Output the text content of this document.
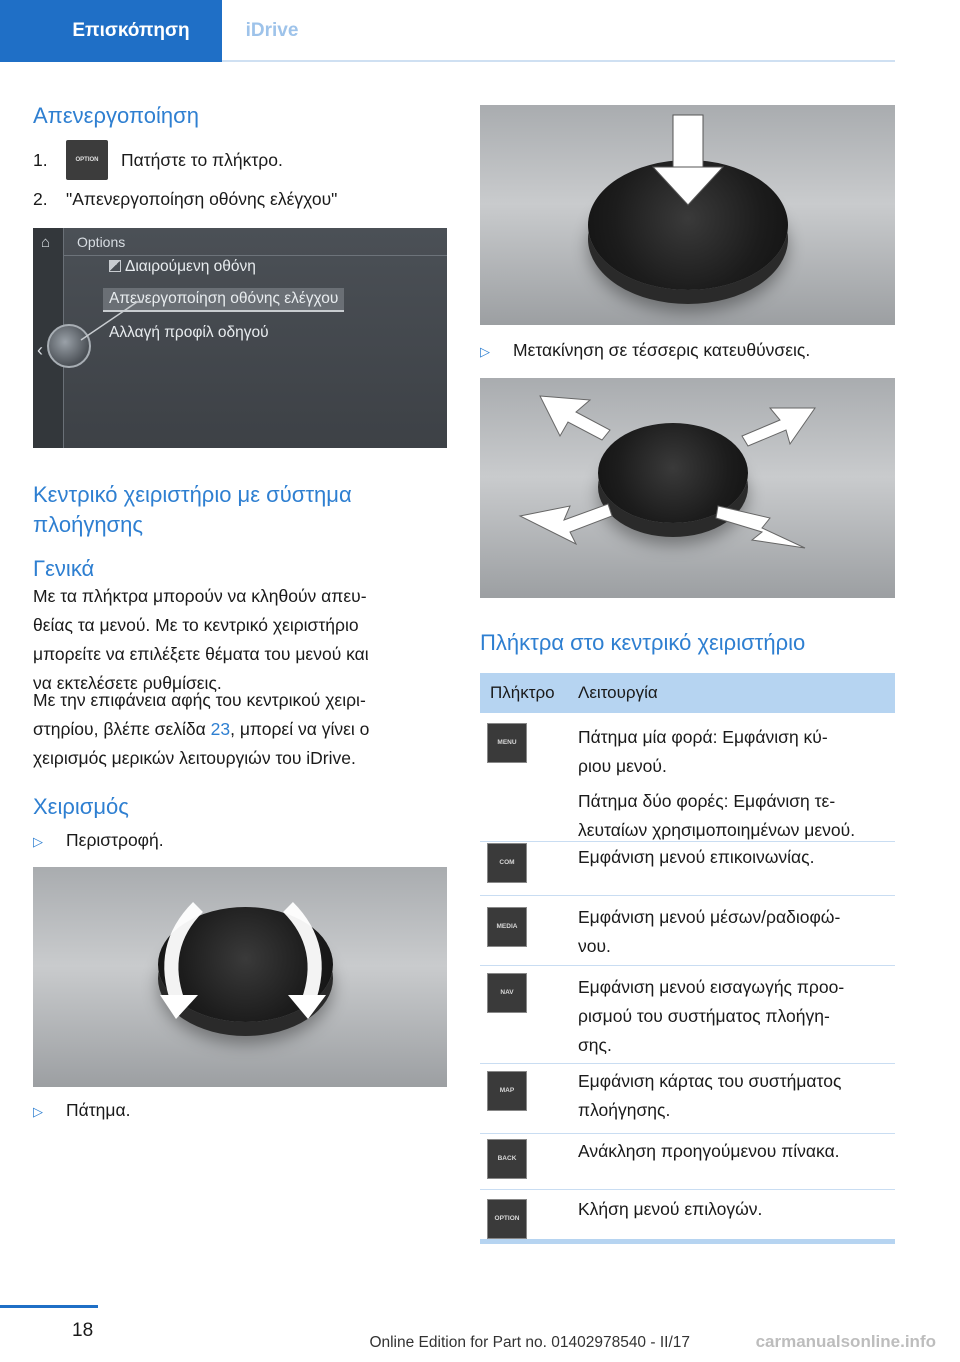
Επισκόπηση	iDrive
Απενεργοποίηση
1.	OPTION	Πατήστε το πλήκτρο.
2. "Απενεργοποίηση οθόνης ελέγχου"
⌂
‹
Options
Διαιρούμενη οθόνη
Απενεργοποίηση οθόνης ελέγχου
Αλλαγή προφίλ οδηγού
Κεντρικό χειριστήριο με σύστημα
πλοήγησης
Γενικά

Με τα πλήκτρα μπορούν να κληθούν απευ-

θείας τα μενού. Με το κεντρικό χειριστήριο

μπορείτε να επιλέξετε θέματα του μενού και

να εκτελέσετε ρυθμίσεις.

Με την επιφάνεια αφής του κεντρικού χειρι-

στηρίου, βλέπε σελίδα 23, μπορεί να γίνει ο

χειρισμός μερικών λειτουργιών του iDrive.

Χειρισμός
▷ Περιστροφή.
▷ Πάτημα.
▷ Μετακίνηση σε τέσσερις κατευθύνσεις.
Πλήκτρα στο κεντρικό χειριστήριο
Πλήκτρο Λειτουργία
MENU	Πάτημα μία φορά: Εμφάνιση κύ-
ριου μενού.
Πάτημα δύο φορές: Εμφάνιση τε-
λευταίων χρησιμοποιημένων μενού.
COM	Εμφάνιση μενού επικοινωνίας.
MEDIA	Εμφάνιση μενού μέσων/ραδιοφώ-
νου.
NAV	Εμφάνιση μενού εισαγωγής προο-
ρισμού του συστήματος πλοήγη-
σης.
MAP	Εμφάνιση κάρτας του συστήματος
πλοήγησης.
BACK	Ανάκληση προηγούμενου πίνακα.
OPTION	Κλήση μενού επιλογών.
18
Online Edition for Part no. 01402978540 - II/17	carmanualsonline.info
